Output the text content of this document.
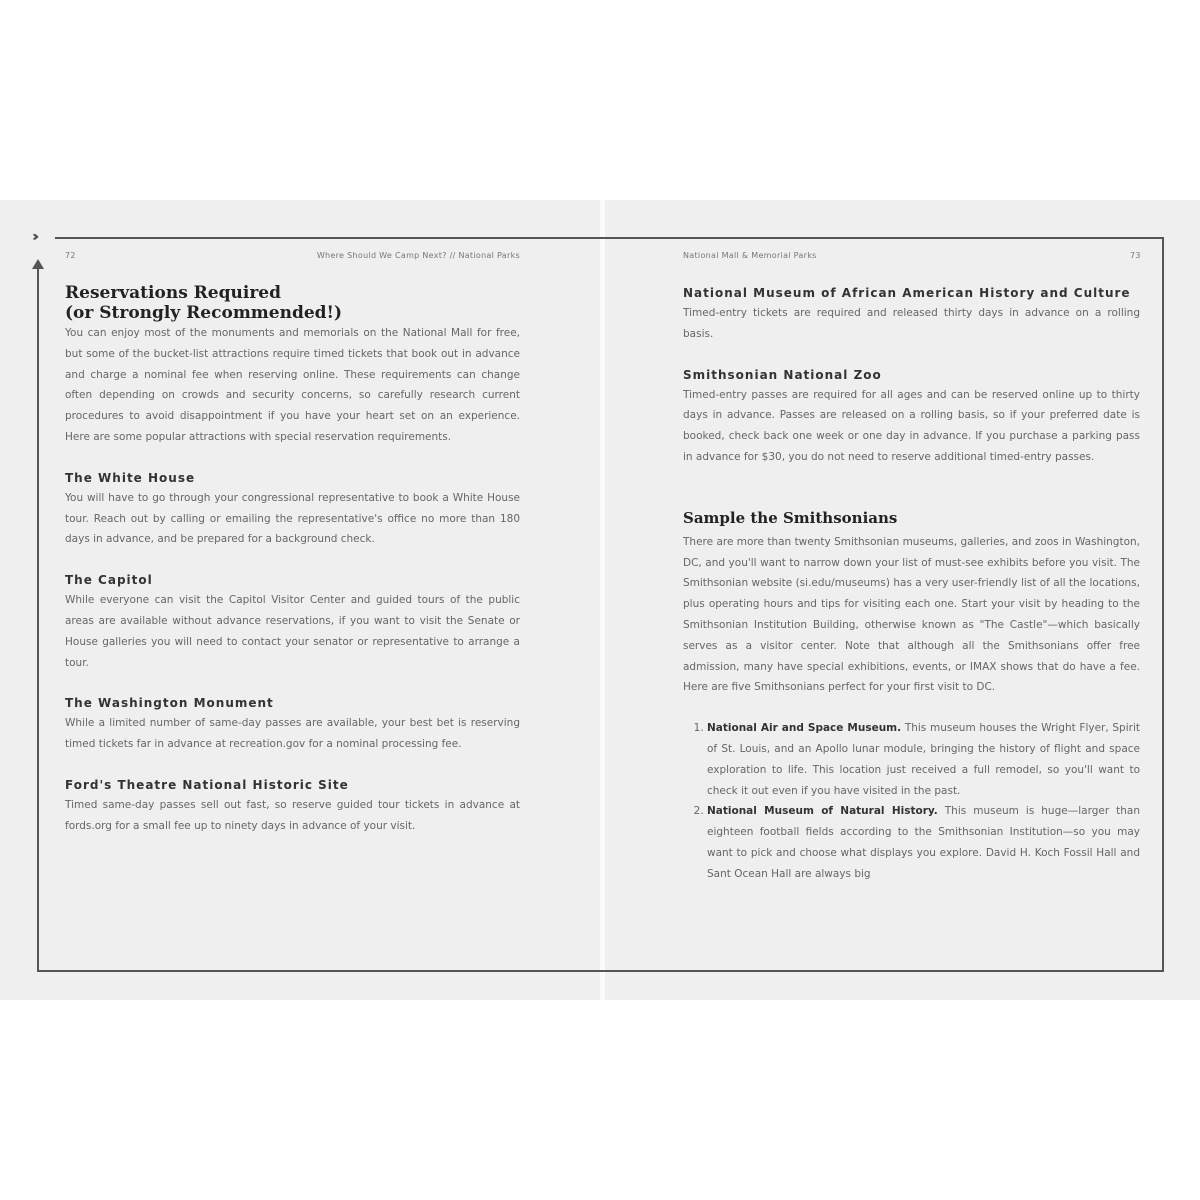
›››
72	Where Should We Camp Next? // National Parks	National Mall & Memorial Parks	73
Reservations Required
(or Strongly Recommended!)

You can enjoy most of the monuments and memorials on the National Mall for free, but some of the bucket-list attractions require timed tickets that book out in advance and charge a nominal fee when reserving online. These requirements can change often depending on crowds and security concerns, so carefully research current procedures to avoid disappointment if you have your heart set on an experience. Here are some popular attractions with special reservation requirements.

The White House

You will have to go through your congressional representative to book a White House tour. Reach out by calling or emailing the representative's office no more than 180 days in advance, and be prepared for a background check.

The Capitol

While everyone can visit the Capitol Visitor Center and guided tours of the public areas are available without advance reservations, if you want to visit the Senate or House galleries you will need to contact your senator or representative to arrange a tour.

The Washington Monument

While a limited number of same-day passes are available, your best bet is reserving timed tickets far in advance at recreation.gov for a nominal processing fee.

Ford's Theatre National Historic Site

Timed same-day passes sell out fast, so reserve guided tour tickets in advance at fords.org for a small fee up to ninety days in advance of your visit.

National Museum of African American History and Culture

Timed-entry tickets are required and released thirty days in advance on a rolling basis.

Smithsonian National Zoo

Timed-entry passes are required for all ages and can be reserved online up to thirty days in advance. Passes are released on a rolling basis, so if your preferred date is booked, check back one week or one day in advance. If you purchase a parking pass in advance for $30, you do not need to reserve additional timed-entry passes.

Sample the Smithsonians

There are more than twenty Smithsonian museums, galleries, and zoos in Washington, DC, and you'll want to narrow down your list of must-see exhibits before you visit. The Smithsonian website (si.edu/museums) has a very user-friendly list of all the locations, plus operating hours and tips for visiting each one. Start your visit by heading to the Smithsonian Institution Building, otherwise known as "The Castle"—which basically serves as a visitor center. Note that although all the Smithsonians offer free admission, many have special exhibitions, events, or IMAX shows that do have a fee. Here are five Smithsonians perfect for your first visit to DC.

1. National Air and Space Museum. This museum houses the Wright Flyer, Spirit of St. Louis, and an Apollo lunar module, bringing the history of flight and space exploration to life. This location just received a full remodel, so you'll want to check it out even if you have visited in the past.
2. National Museum of Natural History. This museum is huge—larger than eighteen football fields according to the Smithsonian Institution—so you may want to pick and choose what displays you explore. David H. Koch Fossil Hall and Sant Ocean Hall are always big
